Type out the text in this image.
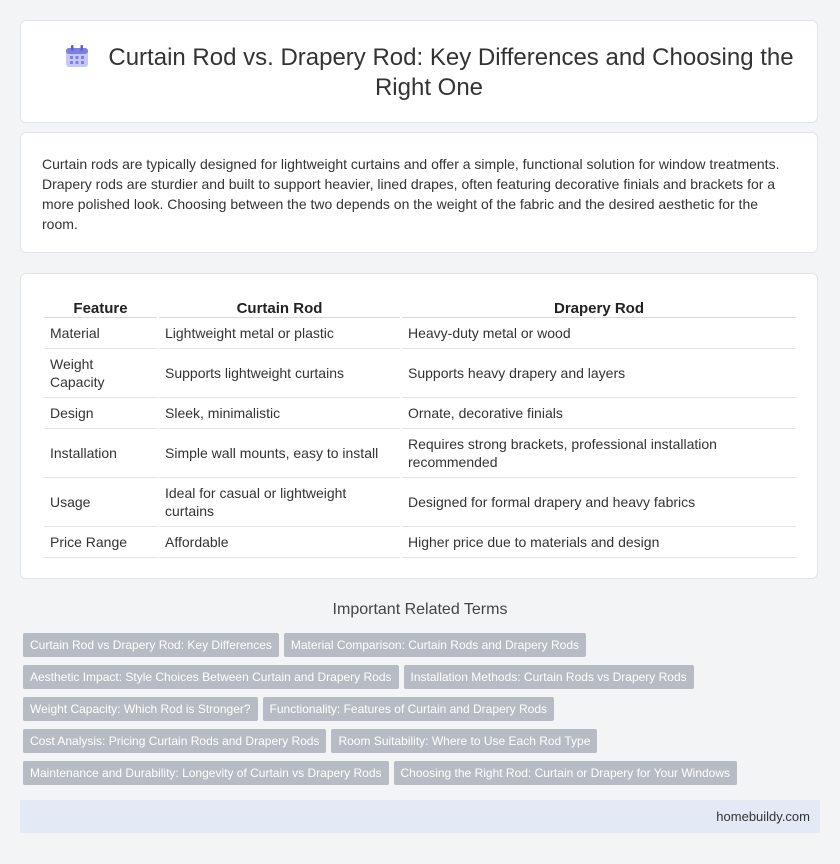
Curtain Rod vs. Drapery Rod: Key Differences and Choosing the Right One
Curtain rods are typically designed for lightweight curtains and offer a simple, functional solution for window treatments. Drapery rods are sturdier and built to support heavier, lined drapes, often featuring decorative finials and brackets for a more polished look. Choosing between the two depends on the weight of the fabric and the desired aesthetic for the room.
Feature	Curtain Rod	Drapery Rod
Material	Lightweight metal or plastic	Heavy-duty metal or wood
Weight Capacity	Supports lightweight curtains	Supports heavy drapery and layers
Design	Sleek, minimalistic	Ornate, decorative finials
Installation	Simple wall mounts, easy to install	Requires strong brackets, professional installation recommended
Usage	Ideal for casual or lightweight curtains	Designed for formal drapery and heavy fabrics
Price Range	Affordable	Higher price due to materials and design
Important Related Terms
Curtain Rod vs Drapery Rod: Key Differences Material Comparison: Curtain Rods and Drapery Rods
Aesthetic Impact: Style Choices Between Curtain and Drapery Rods Installation Methods: Curtain Rods vs Drapery Rods
Weight Capacity: Which Rod is Stronger? Functionality: Features of Curtain and Drapery Rods
Cost Analysis: Pricing Curtain Rods and Drapery Rods Room Suitability: Where to Use Each Rod Type
Maintenance and Durability: Longevity of Curtain vs Drapery Rods Choosing the Right Rod: Curtain or Drapery for Your Windows
homebuildy.com
